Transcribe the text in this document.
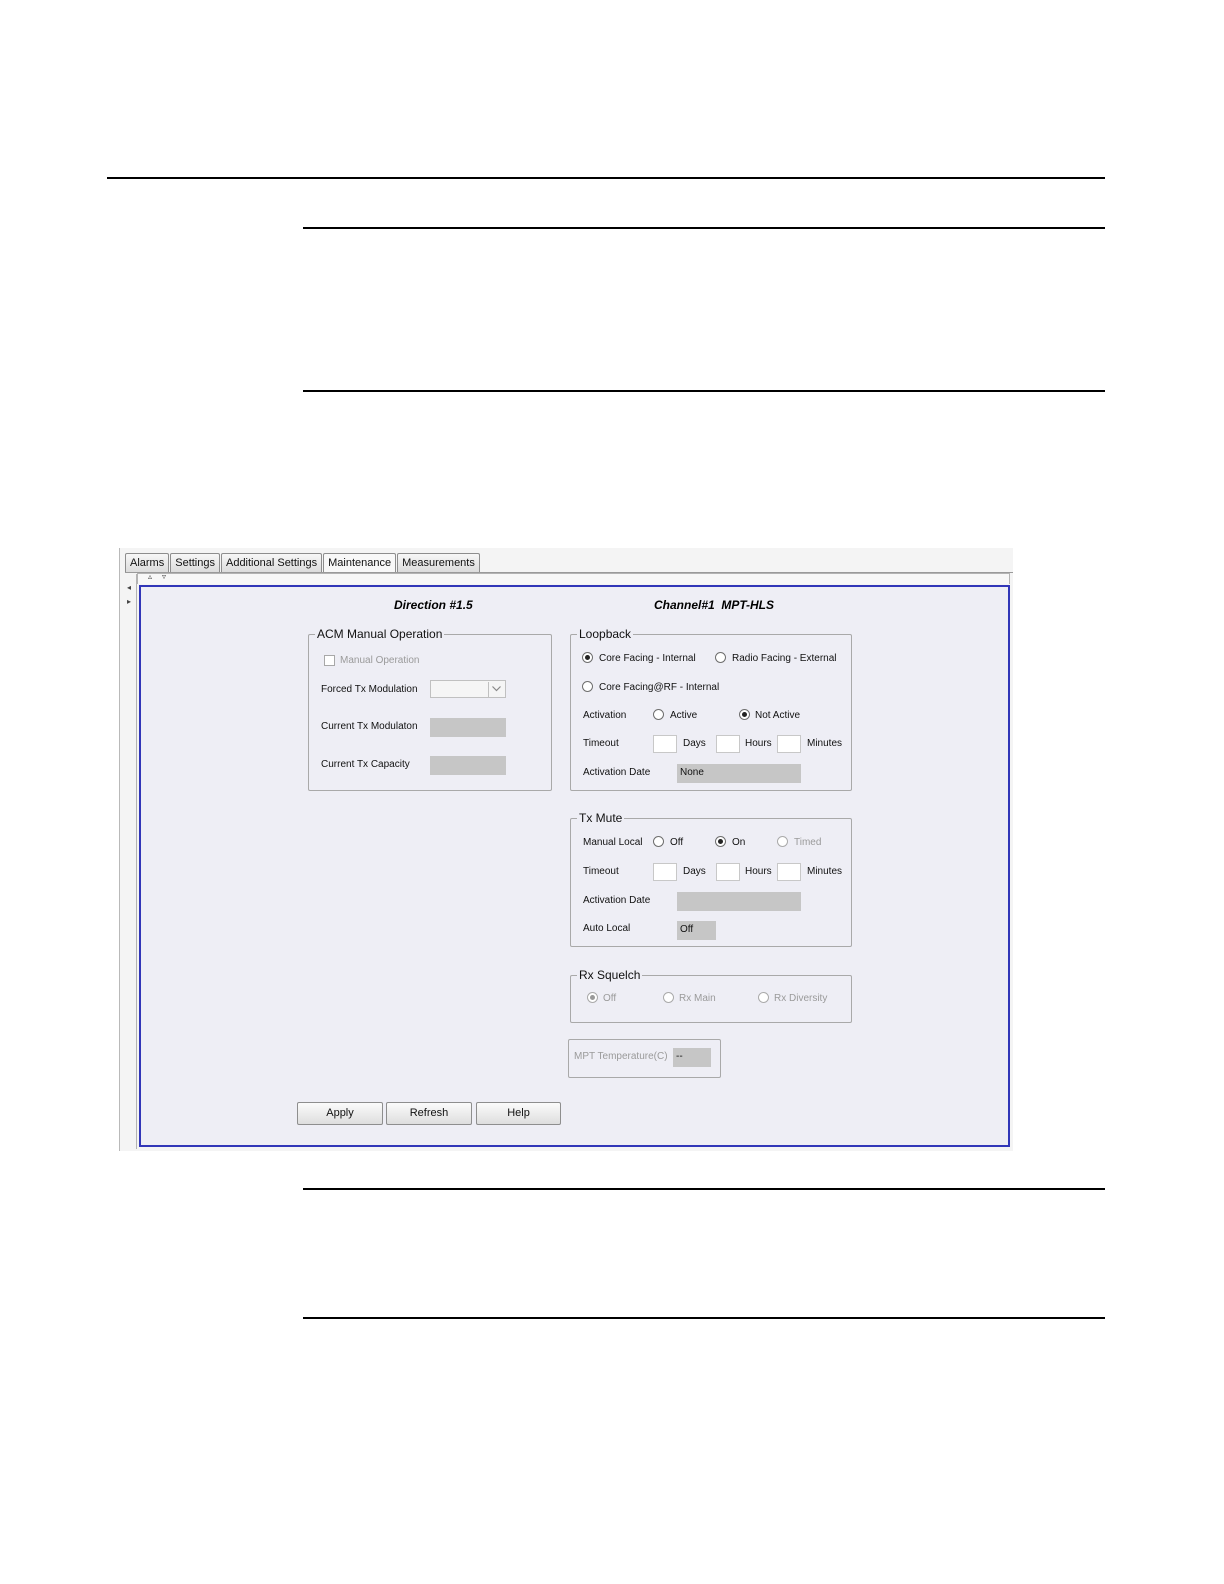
Alarms	Settings	Additional Settings	Maintenance	Measurements
◂
▸
▵ ▿
Direction #1.5	Channel#1  MPT-HLS
ACM Manual Operation
Manual Operation
Forced Tx Modulation
Current Tx Modulaton
Current Tx Capacity
Loopback
Core Facing - Internal	Radio Facing - External
Core Facing@RF - Internal
Activation	Active	Not Active
Timeout	Days	Hours	Minutes
Activation Date	None
Tx Mute
Manual Local	Off	On	Timed
Timeout	Days	Hours	Minutes
Activation Date
Auto Local	Off
Rx Squelch
Off	Rx Main	Rx Diversity
MPT Temperature(C) --
Apply	Refresh	Help
